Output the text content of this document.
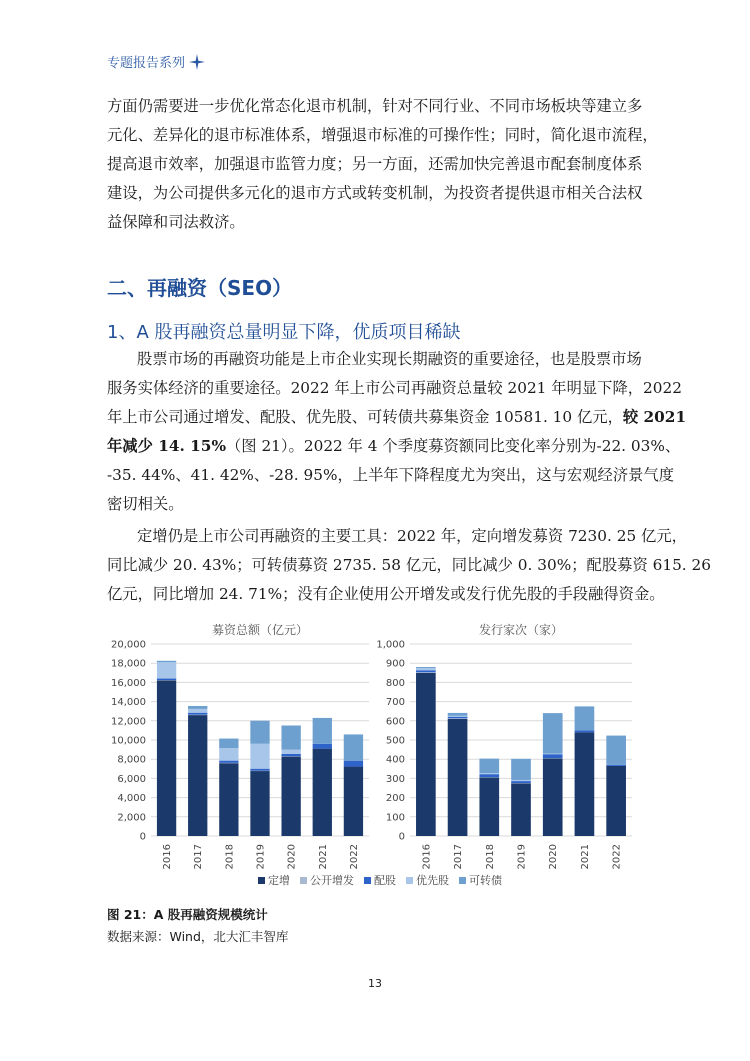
专题报告系列
方面仍需要进一步优化常态化退市机制，针对不同行业、不同市场板块等建立多
元化、差异化的退市标准体系，增强退市标准的可操作性；同时，简化退市流程，
提高退市效率，加强退市监管力度；另一方面，还需加快完善退市配套制度体系
建设，为公司提供多元化的退市方式或转变机制，为投资者提供退市相关合法权
益保障和司法救济。
二、再融资（SEO）
1、A 股再融资总量明显下降，优质项目稀缺
股票市场的再融资功能是上市企业实现长期融资的重要途径，也是股票市场
服务实体经济的重要途径。2022 年上市公司再融资总量较 2021 年明显下降，2022
年上市公司通过增发、配股、优先股、可转债共募集资金 10581. 10 亿元，较 2021
年减少 14. 15%（图 21）。2022 年 4 个季度募资额同比变化率分别为-22. 03%、
-35. 44%、41. 42%、-28. 95%，上半年下降程度尤为突出，这与宏观经济景气度
密切相关。
定增仍是上市公司再融资的主要工具：2022 年，定向增发募资 7230. 25 亿元，
同比减少 20. 43%；可转债募资 2735. 58 亿元，同比减少 0. 30%；配股募资 615. 26
亿元，同比增加 24. 71%；没有企业使用公开增发或发行优先股的手段融得资金。
募资总额（亿元）
0
2,000
4,000
6,000
8,000
10,000
12,000
14,000
16,000
18,000
20,000
2016 2017 2018 2019 2020 2021 2022
发行家次（家）
0
100
200
300
400
500
600
700
800
900
1,000
2016 2017 2018 2019 2020 2021 2022
定增 公开增发 配股 优先股 可转债
图 21：A 股再融资规模统计
数据来源：Wind，北大汇丰智库
13
